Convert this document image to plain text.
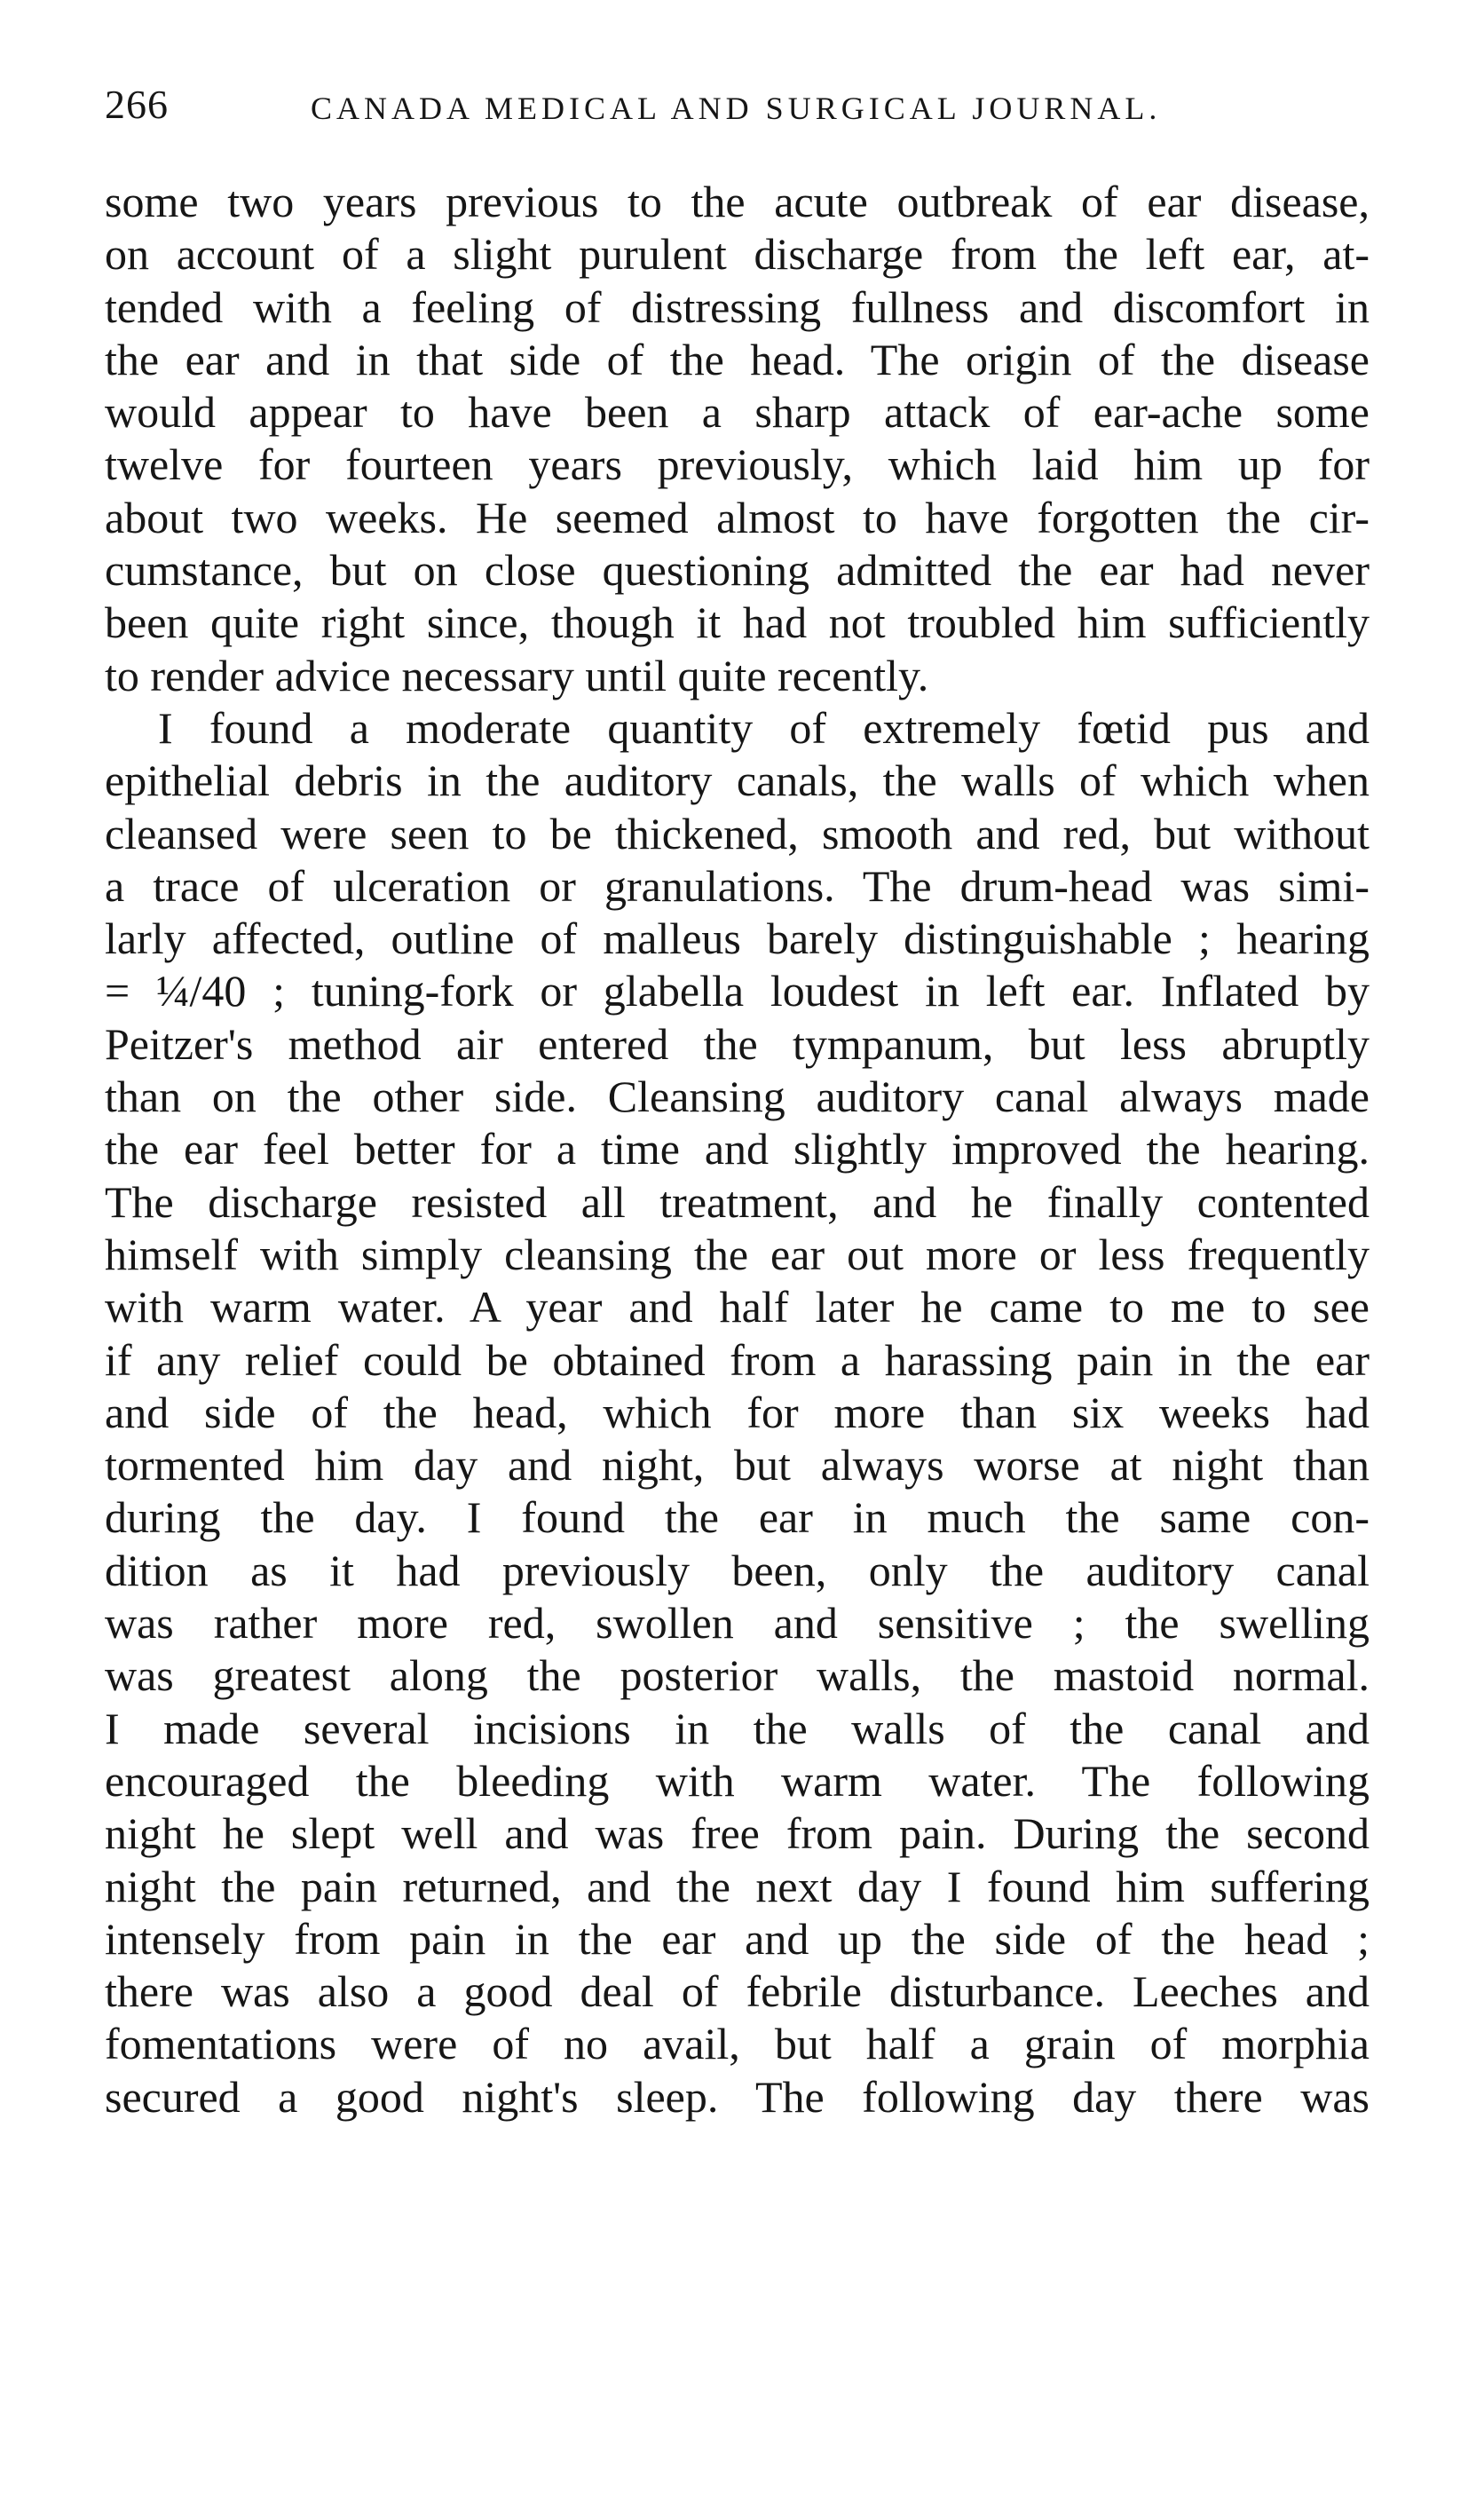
266	CANADA MEDICAL AND SURGICAL JOURNAL.
some two years previous to the acute outbreak of ear disease,
on account of a slight purulent discharge from the left ear, at-
tended with a feeling of distressing fullness and discomfort in
the ear and in that side of the head. The origin of the disease
would appear to have been a sharp attack of ear-ache some
twelve for fourteen years previously, which laid him up for
about two weeks. He seemed almost to have forgotten the cir-
cumstance, but on close questioning admitted the ear had never
been quite right since, though it had not troubled him sufficiently
to render advice necessary until quite recently.
I found a moderate quantity of extremely fœtid pus and
epithelial debris in the auditory canals, the walls of which when
cleansed were seen to be thickened, smooth and red, but without
a trace of ulceration or granulations. The drum-head was simi-
larly affected, outline of malleus barely distinguishable ; hearing
= ¼/40 ; tuning-fork or glabella loudest in left ear. Inflated by
Peitzer's method air entered the tympanum, but less abruptly
than on the other side. Cleansing auditory canal always made
the ear feel better for a time and slightly improved the hearing.
The discharge resisted all treatment, and he finally contented
himself with simply cleansing the ear out more or less frequently
with warm water. A year and half later he came to me to see
if any relief could be obtained from a harassing pain in the ear
and side of the head, which for more than six weeks had
tormented him day and night, but always worse at night than
during the day. I found the ear in much the same con-
dition as it had previously been, only the auditory canal
was rather more red, swollen and sensitive ; the swelling
was greatest along the posterior walls, the mastoid normal.
I made several incisions in the walls of the canal and
encouraged the bleeding with warm water. The following
night he slept well and was free from pain. During the second
night the pain returned, and the next day I found him suffering
intensely from pain in the ear and up the side of the head ;
there was also a good deal of febrile disturbance. Leeches and
fomentations were of no avail, but half a grain of morphia
secured a good night's sleep. The following day there was
